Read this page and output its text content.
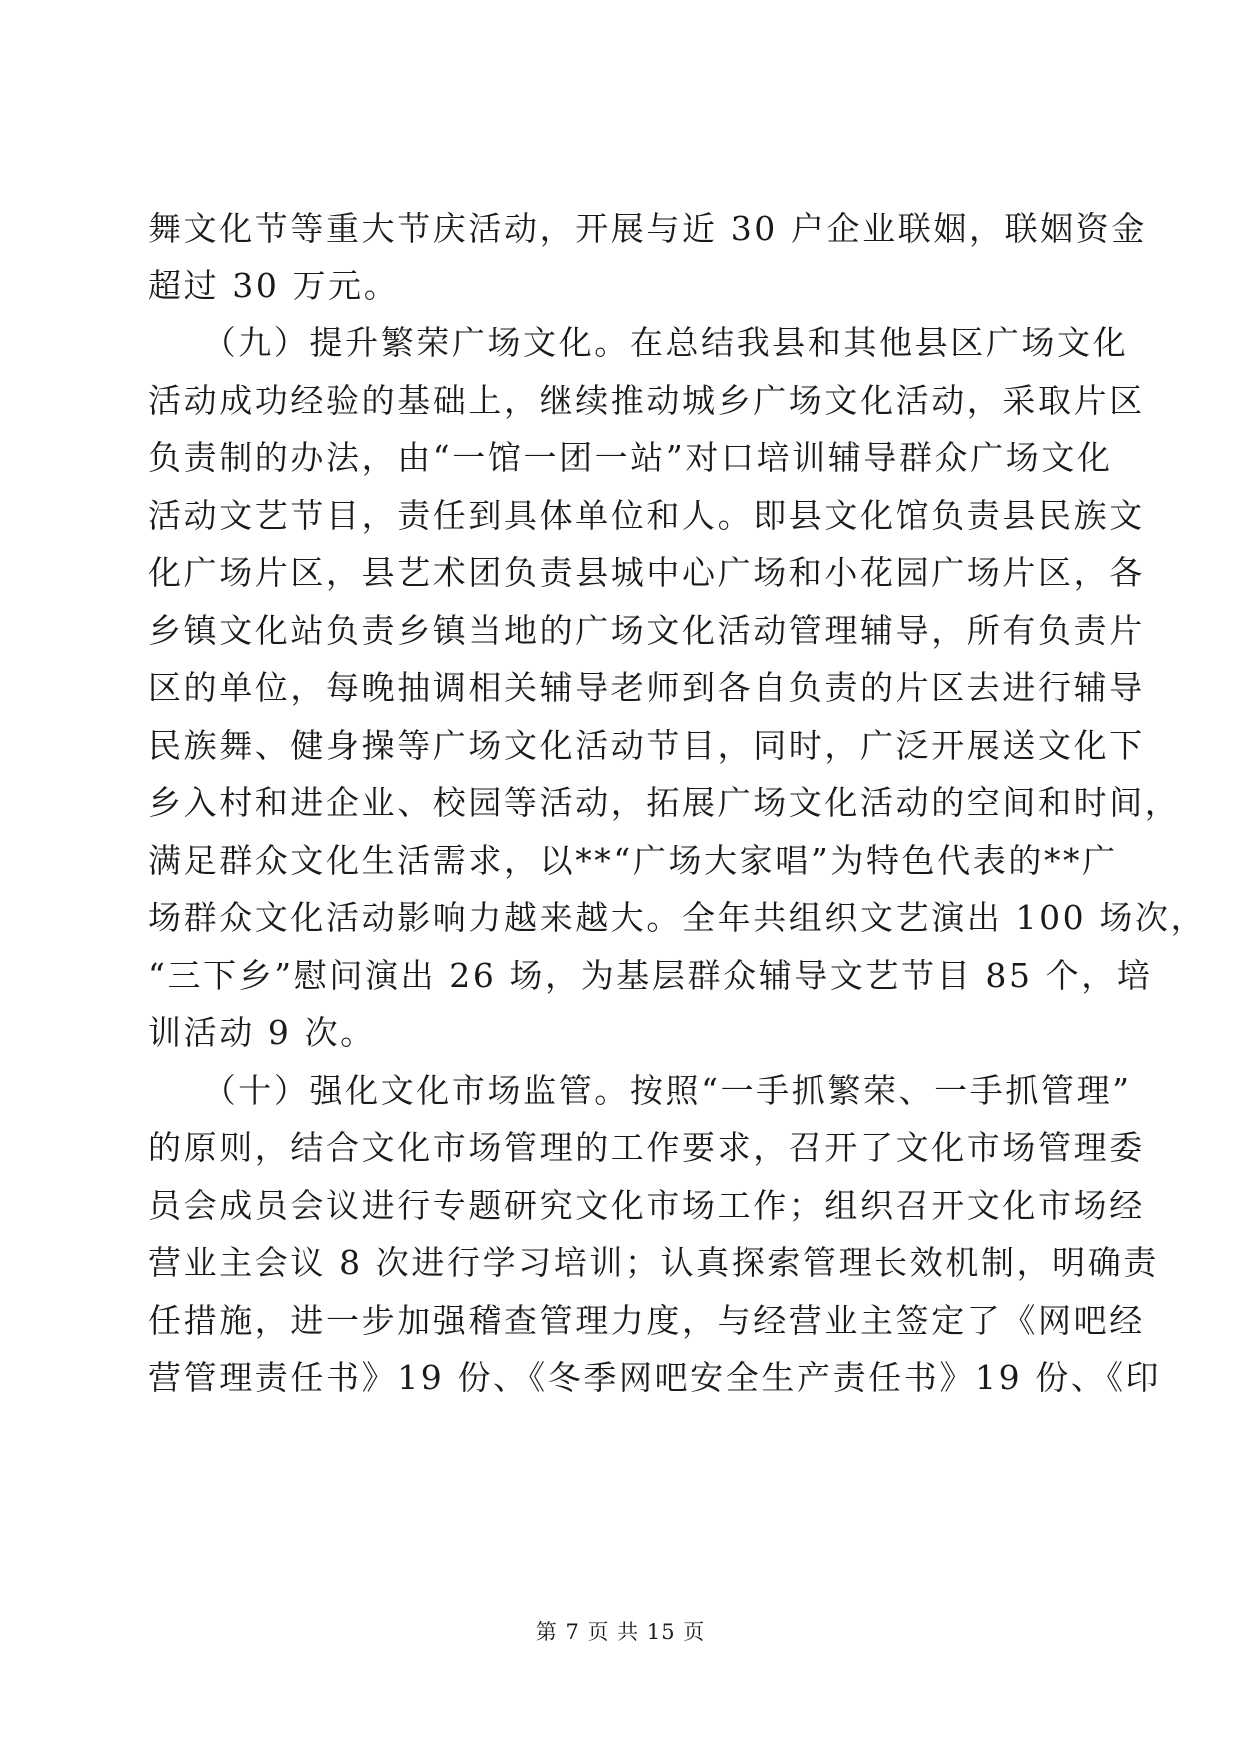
舞文化节等重大节庆活动，开展与近 30 户企业联姻，联姻资金
超过 30 万元。
　　（九）提升繁荣广场文化。在总结我县和其他县区广场文化
活动成功经验的基础上，继续推动城乡广场文化活动，采取片区
负责制的办法，由“一馆一团一站”对口培训辅导群众广场文化
活动文艺节目，责任到具体单位和人。即县文化馆负责县民族文
化广场片区，县艺术团负责县城中心广场和小花园广场片区，各
乡镇文化站负责乡镇当地的广场文化活动管理辅导，所有负责片
区的单位，每晚抽调相关辅导老师到各自负责的片区去进行辅导
民族舞、健身操等广场文化活动节目，同时，广泛开展送文化下
乡入村和进企业、校园等活动，拓展广场文化活动的空间和时间，
满足群众文化生活需求，以**“广场大家唱”为特色代表的**广
场群众文化活动影响力越来越大。全年共组织文艺演出 100 场次，
“三下乡”慰问演出 26 场，为基层群众辅导文艺节目 85 个，培
训活动 9 次。
　　（十）强化文化市场监管。按照“一手抓繁荣、一手抓管理”
的原则，结合文化市场管理的工作要求，召开了文化市场管理委
员会成员会议进行专题研究文化市场工作；组织召开文化市场经
营业主会议 8 次进行学习培训；认真探索管理长效机制，明确责
任措施，进一步加强稽查管理力度，与经营业主签定了《网吧经
营管理责任书》19 份、《冬季网吧安全生产责任书》19 份、《印
第 7 页 共 15 页
